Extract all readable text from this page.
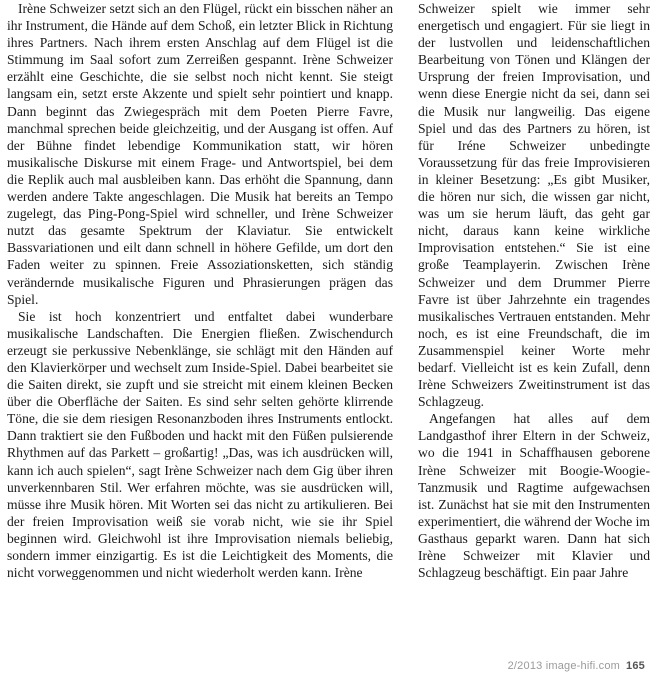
Irène Schweizer setzt sich an den Flügel, rückt ein bisschen näher an ihr Instrument, die Hände auf dem Schoß, ein letzter Blick in Richtung ihres Partners. Nach ihrem ersten Anschlag auf dem Flügel ist die Stimmung im Saal sofort zum Zerreißen gespannt. Irène Schweizer erzählt eine Geschichte, die sie selbst noch nicht kennt. Sie steigt langsam ein, setzt erste Akzente und spielt sehr pointiert und knapp. Dann beginnt das Zwiegespräch mit dem Poeten Pierre Favre, manchmal sprechen beide gleichzeitig, und der Ausgang ist offen. Auf der Bühne findet lebendige Kommunikation statt, wir hören musikalische Diskurse mit einem Frage- und Antwortspiel, bei dem die Replik auch mal ausbleiben kann. Das erhöht die Spannung, dann werden andere Takte angeschlagen. Die Musik hat bereits an Tempo zugelegt, das Ping-Pong-Spiel wird schneller, und Irène Schweizer nutzt das gesamte Spektrum der Klaviatur. Sie entwickelt Bassvariationen und eilt dann schnell in höhere Gefilde, um dort den Faden weiter zu spinnen. Freie Assoziationsketten, sich ständig verändernde musikalische Figuren und Phrasierungen prägen das Spiel.

Sie ist hoch konzentriert und entfaltet dabei wunderbare musikalische Landschaften. Die Energien fließen. Zwischendurch erzeugt sie perkussive Nebenklänge, sie schlägt mit den Händen auf den Klavierkörper und wechselt zum Inside-Spiel. Dabei bearbeitet sie die Saiten direkt, sie zupft und sie streicht mit einem kleinen Becken über die Oberfläche der Saiten. Es sind sehr selten gehörte klirrende Töne, die sie dem riesigen Resonanzboden ihres Instruments entlockt. Dann traktiert sie den Fußboden und hackt mit den Füßen pulsierende Rhythmen auf das Parkett – großartig! „Das, was ich ausdrücken will, kann ich auch spielen“, sagt Irène Schweizer nach dem Gig über ihren unverkennbaren Stil. Wer erfahren möchte, was sie ausdrücken will, müsse ihre Musik hören. Mit Worten sei das nicht zu artikulieren. Bei der freien Improvisation weiß sie vorab nicht, wie sie ihr Spiel beginnen wird. Gleichwohl ist ihre Improvisation niemals beliebig, sondern immer einzigartig. Es ist die Leichtigkeit des Moments, die nicht vorweggenommen und nicht wiederholt werden kann. Irène

Schweizer spielt wie immer sehr energetisch und engagiert. Für sie liegt in der lustvollen und leidenschaftlichen Bearbeitung von Tönen und Klängen der Ursprung der freien Improvisation, und wenn diese Energie nicht da sei, dann sei die Musik nur langweilig. Das eigene Spiel und das des Partners zu hören, ist für Iréne Schweizer unbedingte Voraussetzung für das freie Improvisieren in kleiner Besetzung: „Es gibt Musiker, die hören nur sich, die wissen gar nicht, was um sie herum läuft, das geht gar nicht, daraus kann keine wirkliche Improvisation entstehen.“ Sie ist eine große Teamplayerin. Zwischen Irène Schweizer und dem Drummer Pierre Favre ist über Jahrzehnte ein tragendes musikalisches Vertrauen entstanden. Mehr noch, es ist eine Freundschaft, die im Zusammenspiel keiner Worte mehr bedarf. Vielleicht ist es kein Zufall, denn Irène Schweizers Zweitinstrument ist das Schlagzeug.

Angefangen hat alles auf dem Landgasthof ihrer Eltern in der Schweiz, wo die 1941 in Schaffhausen geborene Irène Schweizer mit Boogie-Woogie-Tanzmusik und Ragtime aufgewachsen ist. Zunächst hat sie mit den Instrumenten experimentiert, die während der Woche im Gasthaus geparkt waren. Dann hat sich Irène Schweizer mit Klavier und Schlagzeug beschäftigt. Ein paar Jahre

2/2013 image-hifi.com 165
